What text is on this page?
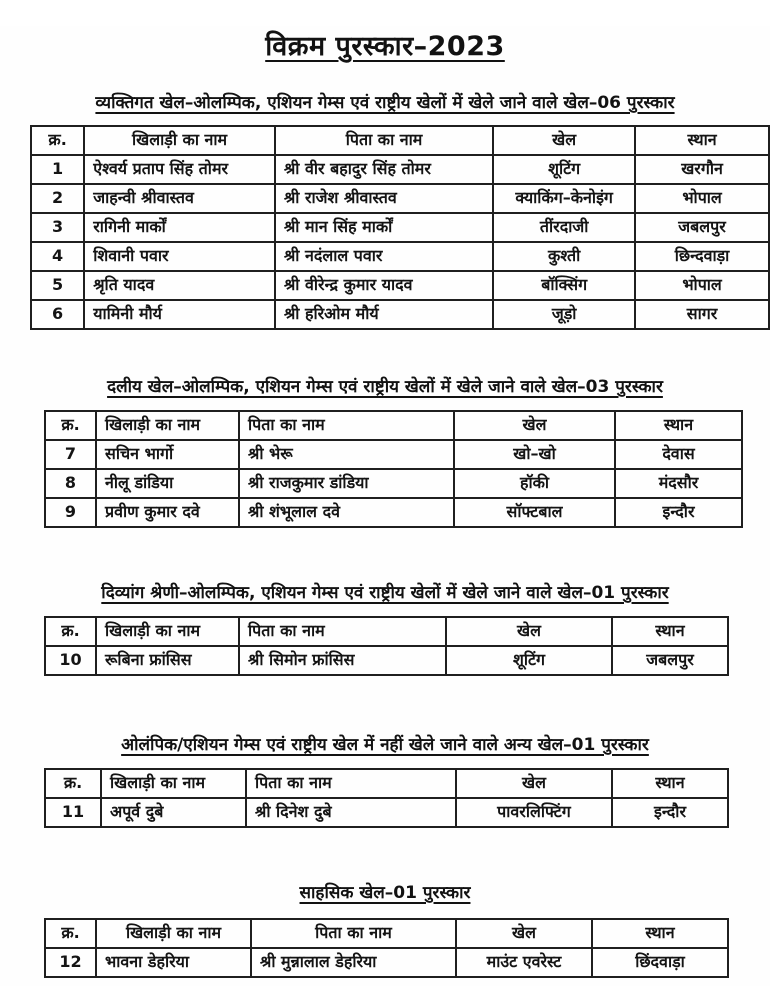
विक्रम पुरस्कार–2023
व्यक्तिगत खेल–ओलम्पिक, एशियन गेम्स एवं राष्ट्रीय खेलों में खेले जाने वाले खेल–06 पुरस्कार
क्र.	खिलाड़ी का नाम	पिता का नाम	खेल	स्थान
1	ऐश्वर्य प्रताप सिंह तोमर	श्री वीर बहादुर सिंह तोमर	शूटिंग	खरगौन
2	जाहन्वी श्रीवास्तव	श्री राजेश श्रीवास्तव	क्याकिंग–केनोइंग	भोपाल
3	रागिनी मार्कों	श्री मान सिंह मार्कों	तींरदाजी	जबलपुर
4	शिवानी पवार	श्री नदंलाल पवार	कुश्ती	छिन्दवाड़ा
5	श्रृति यादव	श्री वीरेन्द्र कुमार यादव	बॉक्सिंग	भोपाल
6	यामिनी मौर्य	श्री हरिओम मौर्य	जूड़ो	सागर
दलीय खेल–ओलम्पिक, एशियन गेम्स एवं राष्ट्रीय खेलों में खेले जाने वाले खेल–03 पुरस्कार
क्र.	खिलाड़ी का नाम	पिता का नाम	खेल	स्थान
7	सचिन भार्गो	श्री भेरू	खो–खो	देवास
8	नीलू डांडिया	श्री राजकुमार डांडिया	हॉकी	मंदसौर
9	प्रवीण कुमार दवे	श्री शंभूलाल दवे	सॉफ्टबाल	इन्दौर
दिव्यांग श्रेणी–ओलम्पिक, एशियन गेम्स एवं राष्ट्रीय खेलों में खेले जाने वाले खेल–01 पुरस्कार
क्र.	खिलाड़ी का नाम	पिता का नाम	खेल	स्थान
10	रूबिना फ्रांसिस	श्री सिमोन फ्रांसिस	शूटिंग	जबलपुर
ओलंपिक/एशियन गेम्स एवं राष्ट्रीय खेल में नहीं खेले जाने वाले अन्य खेल–01 पुरस्कार
क्र.	खिलाड़ी का नाम	पिता का नाम	खेल	स्थान
11	अपूर्व दुबे	श्री दिनेश दुबे	पावरलिफ्टिंग	इन्दौर
साहसिक खेल–01 पुरस्कार
क्र.	खिलाड़ी का नाम	पिता का नाम	खेल	स्थान
12	भावना डेहरिया	श्री मुन्नालाल डेहरिया	माउंट एवरेस्ट	छिंदवाड़ा
